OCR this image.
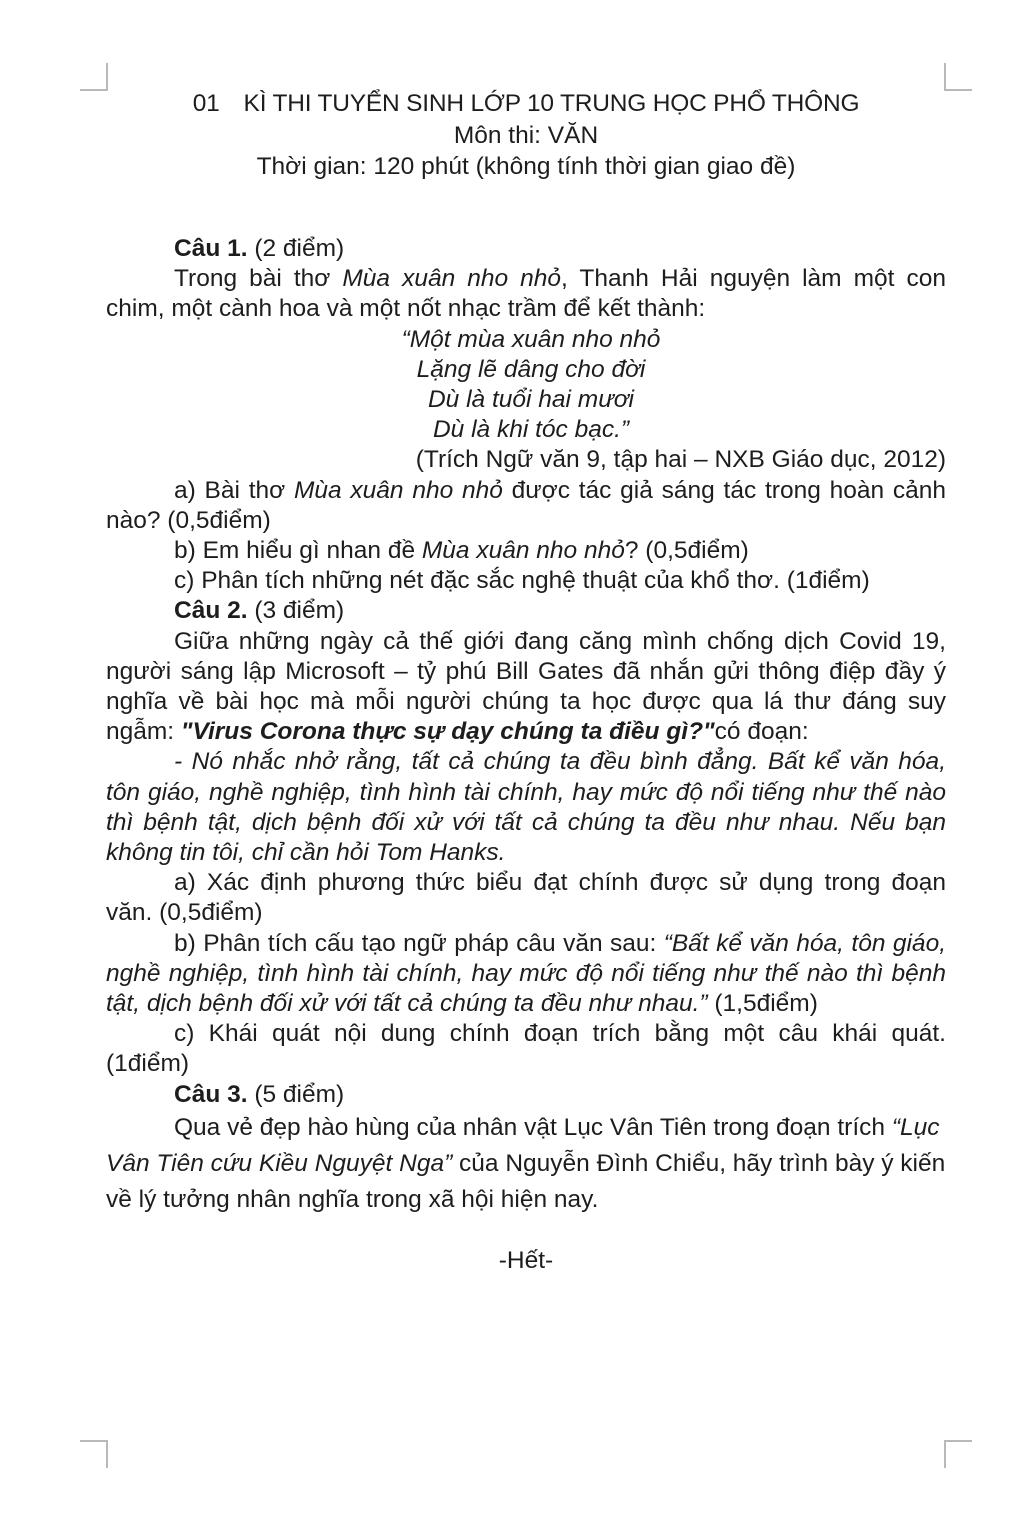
01 KÌ THI TUYỂN SINH LỚP 10 TRUNG HỌC PHỔ THÔNG
Môn thi: VĂN
Thời gian: 120 phút (không tính thời gian giao đề)

Câu 1. (2 điểm)

Trong bài thơ Mùa xuân nho nhỏ, Thanh Hải nguyện làm một con chim, một cành hoa và một nốt nhạc trầm để kết thành:

“Một mùa xuân nho nhỏ
Lặng lẽ dâng cho đời
Dù là tuổi hai mươi
Dù là khi tóc bạc.”

(Trích Ngữ văn 9, tập hai – NXB Giáo dục, 2012)

a) Bài thơ Mùa xuân nho nhỏ được tác giả sáng tác trong hoàn cảnh nào? (0,5điểm)

b) Em hiểu gì nhan đề Mùa xuân nho nhỏ? (0,5điểm)

c) Phân tích những nét đặc sắc nghệ thuật của khổ thơ. (1điểm)

Câu 2. (3 điểm)

Giữa những ngày cả thế giới đang căng mình chống dịch Covid 19, người sáng lập Microsoft – tỷ phú Bill Gates đã nhắn gửi thông điệp đầy ý nghĩa về bài học mà mỗi người chúng ta học được qua lá thư đáng suy ngẫm: "Virus Corona thực sự dạy chúng ta điều gì?"có đoạn:

- Nó nhắc nhở rằng, tất cả chúng ta đều bình đẳng. Bất kể văn hóa, tôn giáo, nghề nghiệp, tình hình tài chính, hay mức độ nổi tiếng như thế nào thì bệnh tật, dịch bệnh đối xử với tất cả chúng ta đều như nhau. Nếu bạn không tin tôi, chỉ cần hỏi Tom Hanks.

a) Xác định phương thức biểu đạt chính được sử dụng trong đoạn văn. (0,5điểm)

b) Phân tích cấu tạo ngữ pháp câu văn sau: “Bất kể văn hóa, tôn giáo, nghề nghiệp, tình hình tài chính, hay mức độ nổi tiếng như thế nào thì bệnh tật, dịch bệnh đối xử với tất cả chúng ta đều như nhau.” (1,5điểm)

c) Khái quát nội dung chính đoạn trích bằng một câu khái quát. (1điểm)

Câu 3. (5 điểm)

Qua vẻ đẹp hào hùng của nhân vật Lục Vân Tiên trong đoạn trích “Lục Vân Tiên cứu Kiều Nguyệt Nga” của Nguyễn Đình Chiểu, hãy trình bày ý kiến về lý tưởng nhân nghĩa trong xã hội hiện nay.

-Hết-
